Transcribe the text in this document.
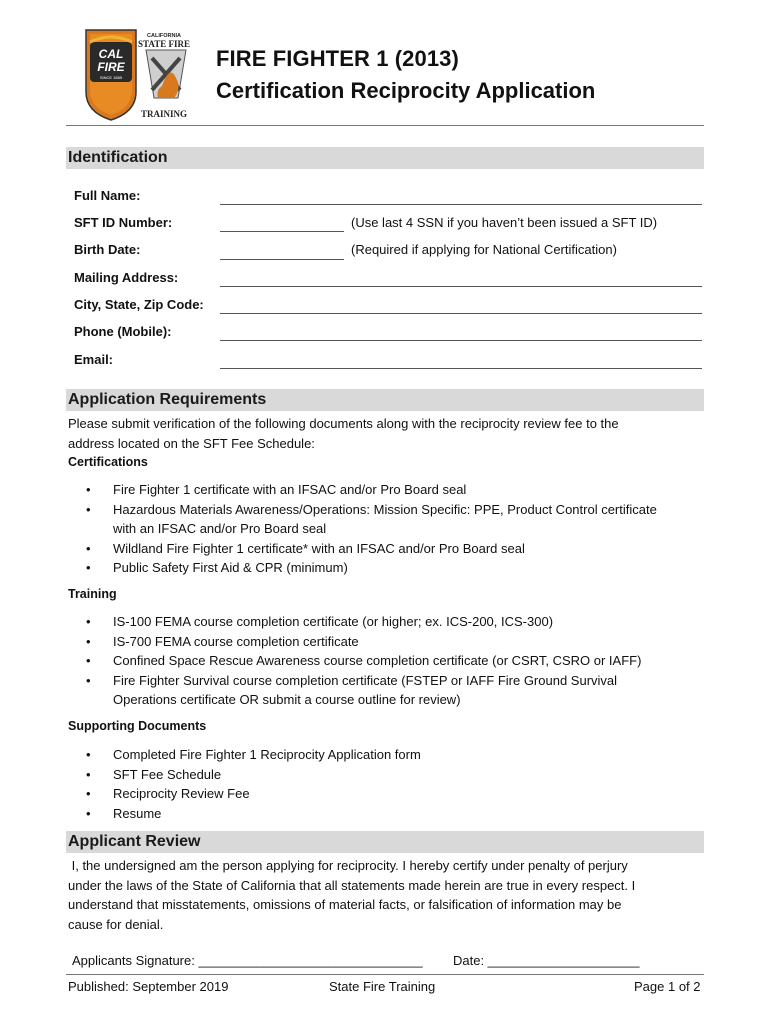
CAL
FIRE
SINCE 1885
CALIFORNIA
STATE FIRE
TRAINING
FIRE FIGHTER 1 (2013)
Certification Reciprocity Application
Identification
Full Name:
SFT ID Number:	(Use last 4 SSN if you haven’t been issued a SFT ID)
Birth Date:	(Required if applying for National Certification)
Mailing Address:
City, State, Zip Code:
Phone (Mobile):
Email:
Application Requirements
Please submit verification of the following documents along with the reciprocity review fee to the
address located on the SFT Fee Schedule:
Certifications
• Fire Fighter 1 certificate with an IFSAC and/or Pro Board seal
• Hazardous Materials Awareness/Operations: Mission Specific: PPE, Product Control certificate
with an IFSAC and/or Pro Board seal
• Wildland Fire Fighter 1 certificate* with an IFSAC and/or Pro Board seal
• Public Safety First Aid & CPR (minimum)
Training
• IS-100 FEMA course completion certificate (or higher; ex. ICS-200, ICS-300)
• IS-700 FEMA course completion certificate
• Confined Space Rescue Awareness course completion certificate (or CSRT, CSRO or IAFF)
• Fire Fighter Survival course completion certificate (FSTEP or IAFF Fire Ground Survival
Operations certificate OR submit a course outline for review)
Supporting Documents
• Completed Fire Fighter 1 Reciprocity Application form
• SFT Fee Schedule
• Reciprocity Review Fee
• Resume
Applicant Review
I, the undersigned am the person applying for reciprocity. I hereby certify under penalty of perjury
under the laws of the State of California that all statements made herein are true in every respect. I
understand that misstatements, omissions of material facts, or falsification of information may be
cause for denial.
Applicants Signature: _______________________________ Date: _____________________
Published: September 2019	State Fire Training	Page 1 of 2
